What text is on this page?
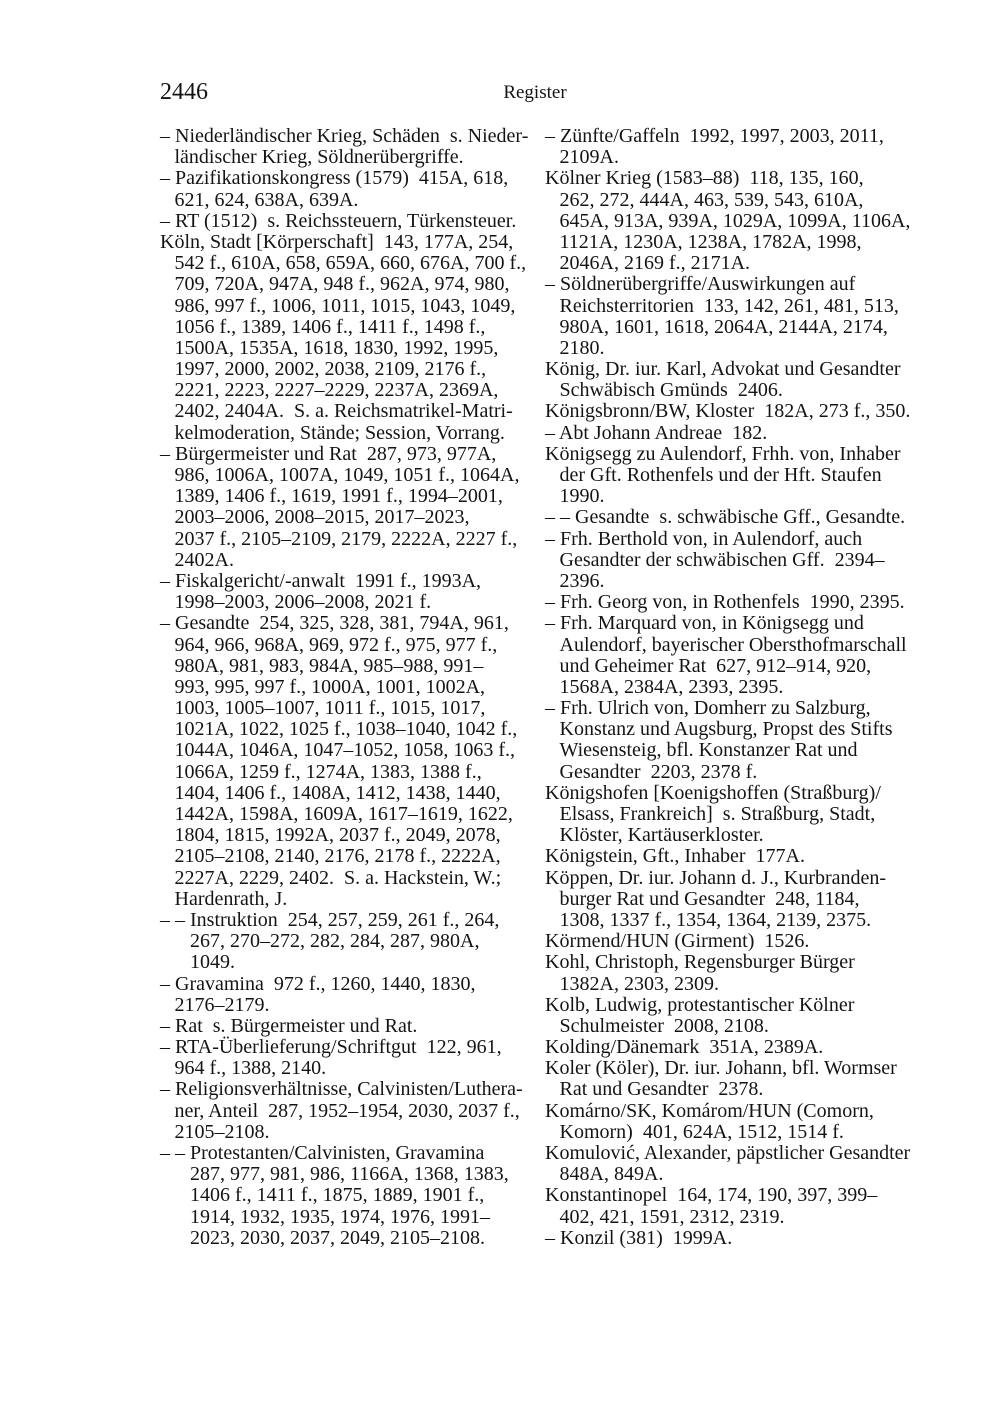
2446	Register
– Niederländischer Krieg, Schäden  s. Nieder-
ländischer Krieg, Söldnerübergriffe.
– Pazifikationskongress (1579)  415A, 618,
621, 624, 638A, 639A.
– RT (1512)  s. Reichssteuern, Türkensteuer.
Köln, Stadt [Körperschaft]  143, 177A, 254,
542 f., 610A, 658, 659A, 660, 676A, 700 f.,
709, 720A, 947A, 948 f., 962A, 974, 980,
986, 997 f., 1006, 1011, 1015, 1043, 1049,
1056 f., 1389, 1406 f., 1411 f., 1498 f.,
1500A, 1535A, 1618, 1830, 1992, 1995,
1997, 2000, 2002, 2038, 2109, 2176 f.,
2221, 2223, 2227–2229, 2237A, 2369A,
2402, 2404A.  S. a. Reichsmatrikel-Matri-
kelmoderation, Stände; Session, Vorrang.
– Bürgermeister und Rat  287, 973, 977A,
986, 1006A, 1007A, 1049, 1051 f., 1064A,
1389, 1406 f., 1619, 1991 f., 1994–2001,
2003–2006, 2008–2015, 2017–2023,
2037 f., 2105–2109, 2179, 2222A, 2227 f.,
2402A.
– Fiskalgericht/-anwalt  1991 f., 1993A,
1998–2003, 2006–2008, 2021 f.
– Gesandte  254, 325, 328, 381, 794A, 961,
964, 966, 968A, 969, 972 f., 975, 977 f.,
980A, 981, 983, 984A, 985–988, 991–
993, 995, 997 f., 1000A, 1001, 1002A,
1003, 1005–1007, 1011 f., 1015, 1017,
1021A, 1022, 1025 f., 1038–1040, 1042 f.,
1044A, 1046A, 1047–1052, 1058, 1063 f.,
1066A, 1259 f., 1274A, 1383, 1388 f.,
1404, 1406 f., 1408A, 1412, 1438, 1440,
1442A, 1598A, 1609A, 1617–1619, 1622,
1804, 1815, 1992A, 2037 f., 2049, 2078,
2105–2108, 2140, 2176, 2178 f., 2222A,
2227A, 2229, 2402.  S. a. Hackstein, W.;
Hardenrath, J.
– – Instruktion  254, 257, 259, 261 f., 264,
267, 270–272, 282, 284, 287, 980A,
1049.
– Gravamina  972 f., 1260, 1440, 1830,
2176–2179.
– Rat  s. Bürgermeister und Rat.
– RTA-Überlieferung/Schriftgut  122, 961,
964 f., 1388, 2140.
– Religionsverhältnisse, Calvinisten/Luthera-
ner, Anteil  287, 1952–1954, 2030, 2037 f.,
2105–2108.
– – Protestanten/Calvinisten, Gravamina
287, 977, 981, 986, 1166A, 1368, 1383,
1406 f., 1411 f., 1875, 1889, 1901 f.,
1914, 1932, 1935, 1974, 1976, 1991–
2023, 2030, 2037, 2049, 2105–2108.
– Zünfte/Gaffeln  1992, 1997, 2003, 2011,
2109A.
Kölner Krieg (1583–88)  118, 135, 160,
262, 272, 444A, 463, 539, 543, 610A,
645A, 913A, 939A, 1029A, 1099A, 1106A,
1121A, 1230A, 1238A, 1782A, 1998,
2046A, 2169 f., 2171A.
– Söldnerübergriffe/Auswirkungen auf
Reichsterritorien  133, 142, 261, 481, 513,
980A, 1601, 1618, 2064A, 2144A, 2174,
2180.
König, Dr. iur. Karl, Advokat und Gesandter
Schwäbisch Gmünds  2406.
Königsbronn/BW, Kloster  182A, 273 f., 350.
– Abt Johann Andreae  182.
Königsegg zu Aulendorf, Frhh. von, Inhaber
der Gft. Rothenfels und der Hft. Staufen
1990.
– – Gesandte  s. schwäbische Gff., Gesandte.
– Frh. Berthold von, in Aulendorf, auch
Gesandter der schwäbischen Gff.  2394–
2396.
– Frh. Georg von, in Rothenfels  1990, 2395.
– Frh. Marquard von, in Königsegg und
Aulendorf, bayerischer Obersthofmarschall
und Geheimer Rat  627, 912–914, 920,
1568A, 2384A, 2393, 2395.
– Frh. Ulrich von, Domherr zu Salzburg,
Konstanz und Augsburg, Propst des Stifts
Wiesensteig, bfl. Konstanzer Rat und
Gesandter  2203, 2378 f.
Königshofen [Koenigshoffen (Straßburg)/
Elsass, Frankreich]  s. Straßburg, Stadt,
Klöster, Kartäuserkloster.
Königstein, Gft., Inhaber  177A.
Köppen, Dr. iur. Johann d. J., Kurbranden-
burger Rat und Gesandter  248, 1184,
1308, 1337 f., 1354, 1364, 2139, 2375.
Körmend/HUN (Girment)  1526.
Kohl, Christoph, Regensburger Bürger
1382A, 2303, 2309.
Kolb, Ludwig, protestantischer Kölner
Schulmeister  2008, 2108.
Kolding/Dänemark  351A, 2389A.
Koler (Köler), Dr. iur. Johann, bfl. Wormser
Rat und Gesandter  2378.
Komárno/SK, Komárom/HUN (Comorn,
Komorn)  401, 624A, 1512, 1514 f.
Komulović, Alexander, päpstlicher Gesandter
848A, 849A.
Konstantinopel  164, 174, 190, 397, 399–
402, 421, 1591, 2312, 2319.
– Konzil (381)  1999A.
